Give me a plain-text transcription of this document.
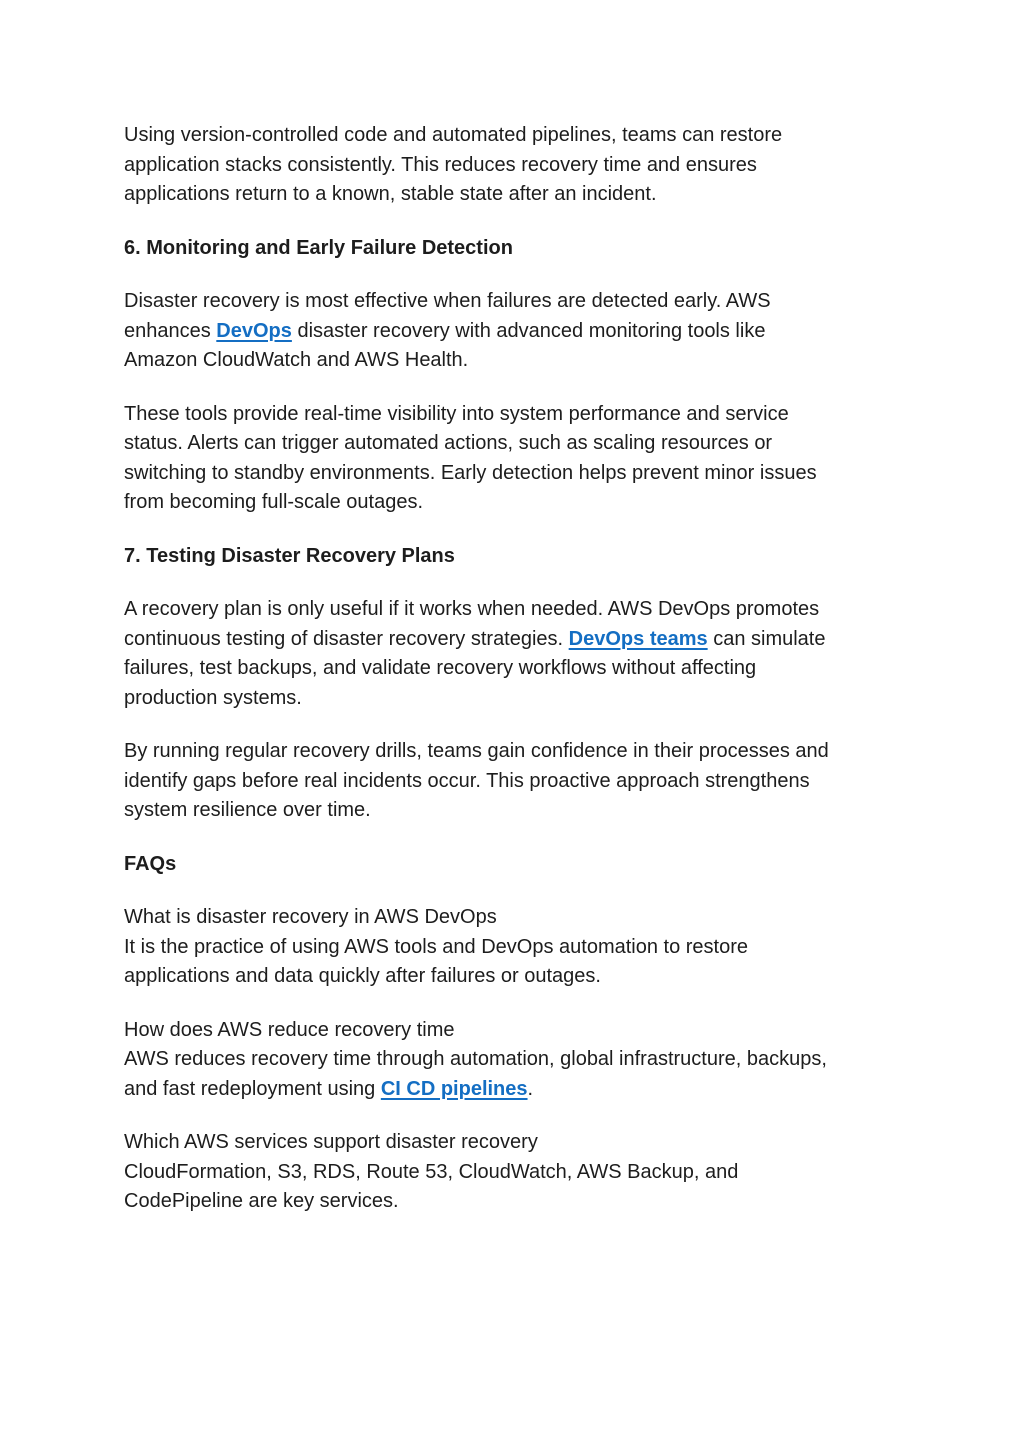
Using version-controlled code and automated pipelines, teams can restore
application stacks consistently. This reduces recovery time and ensures
applications return to a known, stable state after an incident.

6. Monitoring and Early Failure Detection

Disaster recovery is most effective when failures are detected early. AWS
enhances DevOps disaster recovery with advanced monitoring tools like
Amazon CloudWatch and AWS Health.

These tools provide real-time visibility into system performance and service
status. Alerts can trigger automated actions, such as scaling resources or
switching to standby environments. Early detection helps prevent minor issues
from becoming full-scale outages.

7. Testing Disaster Recovery Plans

A recovery plan is only useful if it works when needed. AWS DevOps promotes
continuous testing of disaster recovery strategies. DevOps teams can simulate
failures, test backups, and validate recovery workflows without affecting
production systems.

By running regular recovery drills, teams gain confidence in their processes and
identify gaps before real incidents occur. This proactive approach strengthens
system resilience over time.

FAQs

What is disaster recovery in AWS DevOps
It is the practice of using AWS tools and DevOps automation to restore
applications and data quickly after failures or outages.

How does AWS reduce recovery time
AWS reduces recovery time through automation, global infrastructure, backups,
and fast redeployment using CI CD pipelines.

Which AWS services support disaster recovery
CloudFormation, S3, RDS, Route 53, CloudWatch, AWS Backup, and
CodePipeline are key services.
